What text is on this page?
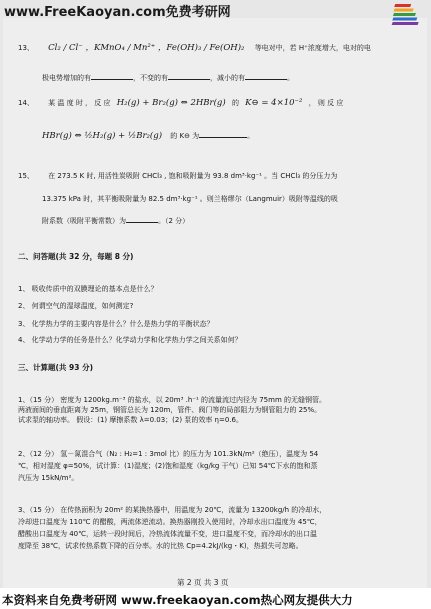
www.FreeKaoyan.com免费考研网
13、 Cl₂ / Cl⁻ ，KMnO₄ / Mn²⁺ ，Fe(OH)₃ / Fe(OH)₂ 等电对中，若 H⁺浓度增大，电对的电
极电势增加的有	，不变的有	，减小的有	。
14、 某 温 度 时 ， 反 应 H₂(g) + Br₂(g) ⇔ 2HBr(g) 的 K⊖ = 4×10⁻² ， 则 反 应
HBr(g) ⇔ ½H₂(g) + ½Br₂(g) 的 K⊖ 为	。
15、 在 273.5 K 时, 用活性炭吸附 CHCl₃ , 饱和吸附量为 93.8 dm³·kg⁻¹ 。当 CHCl₃ 的分压力为
13.375 kPa 时，其平衡吸附量为 82.5 dm³·kg⁻¹ 。则兰格缪尔（Langmuir）吸附等温线的吸
附系数（吸附平衡常数）为	。（2 分）
二、问答题(共 32 分，每题 8 分)
1、 吸收传质中的双膜理论的基本点是什么？
2、 何谓空气的湿球温度，如何测定?
3、 化学热力学的主要内容是什么？什么是热力学的平衡状态？
4、 化学动力学的任务是什么？化学动力学和化学热力学之间关系如何？
三、计算题(共 93 分)
1、（15 分） 密度为 1200kg.m⁻³ 的盐水，以 20m³ .h⁻¹ 的流量流过内径为 75mm 的无缝钢管。
两液面间的垂直距离为 25m，钢管总长为 120m，管件、阀门等的局部阻力为钢管阻力的 25%。
试求泵的轴功率。 假设：(1) 摩擦系数 λ=0.03；(2) 泵的效率 η=0.6。
2、（12 分） 氢－氮混合气（N₂ : H₂=1 : 3mol 比）的压力为 101.3kN/m²（绝压），温度为 54
℃，相对湿度 φ=50%，试计算：(1)湿度；(2)饱和湿度（kg/kg 干气）已知 54℃下水的饱和蒸
汽压为 15kN/m²。
3、（15 分） 在传热面积为 20m² 的某换热器中，用温度为 20℃，流量为 13200kg/h 的冷却水，
冷却进口温度为 110℃ 的醋酸，两流体逆流动。换热器刚投入使用时，冷却水出口温度为 45℃，
醋酸出口温度为 40℃，运转一段时间后，冷热流体流量不变，进口温度不变，而冷却水的出口温
度降至 38℃，试求传热系数下降的百分率。水的比热 Cp=4.2kJ/(kg・K)，热损失可忽略。
第 2 页 共 3 页
本资料来自免费考研网 www.freekaoyan.com热心网友提供大力
